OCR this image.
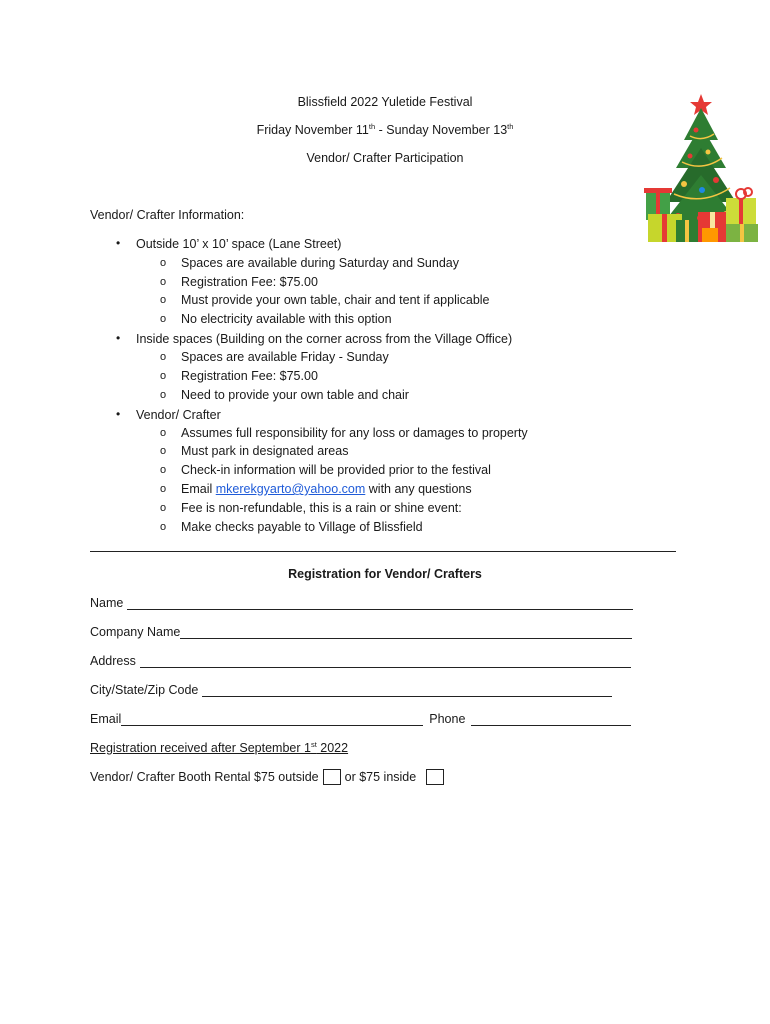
Blissfield 2022 Yuletide Festival
Friday November 11th - Sunday November 13th
Vendor/ Crafter Participation
Vendor/ Crafter Information:
• Outside 10’ x 10’ space (Lane Street)
o Spaces are available during Saturday and Sunday
o Registration Fee: $75.00
o Must provide your own table, chair and tent if applicable
o No electricity available with this option
• Inside spaces (Building on the corner across from the Village Office)
o Spaces are available Friday - Sunday
o Registration Fee: $75.00
o Need to provide your own table and chair
• Vendor/ Crafter
o Assumes full responsibility for any loss or damages to property
o Must park in designated areas
o Check-in information will be provided prior to the festival
o Email mkerekgyarto@yahoo.com with any questions
o Fee is non-refundable, this is a rain or shine event:
o Make checks payable to Village of Blissfield
Registration for Vendor/ Crafters
Name
Company Name
Address
City/State/Zip Code
Email	Phone
Registration received after September 1st 2022
Vendor/ Crafter Booth Rental $75 outside or $75 inside
